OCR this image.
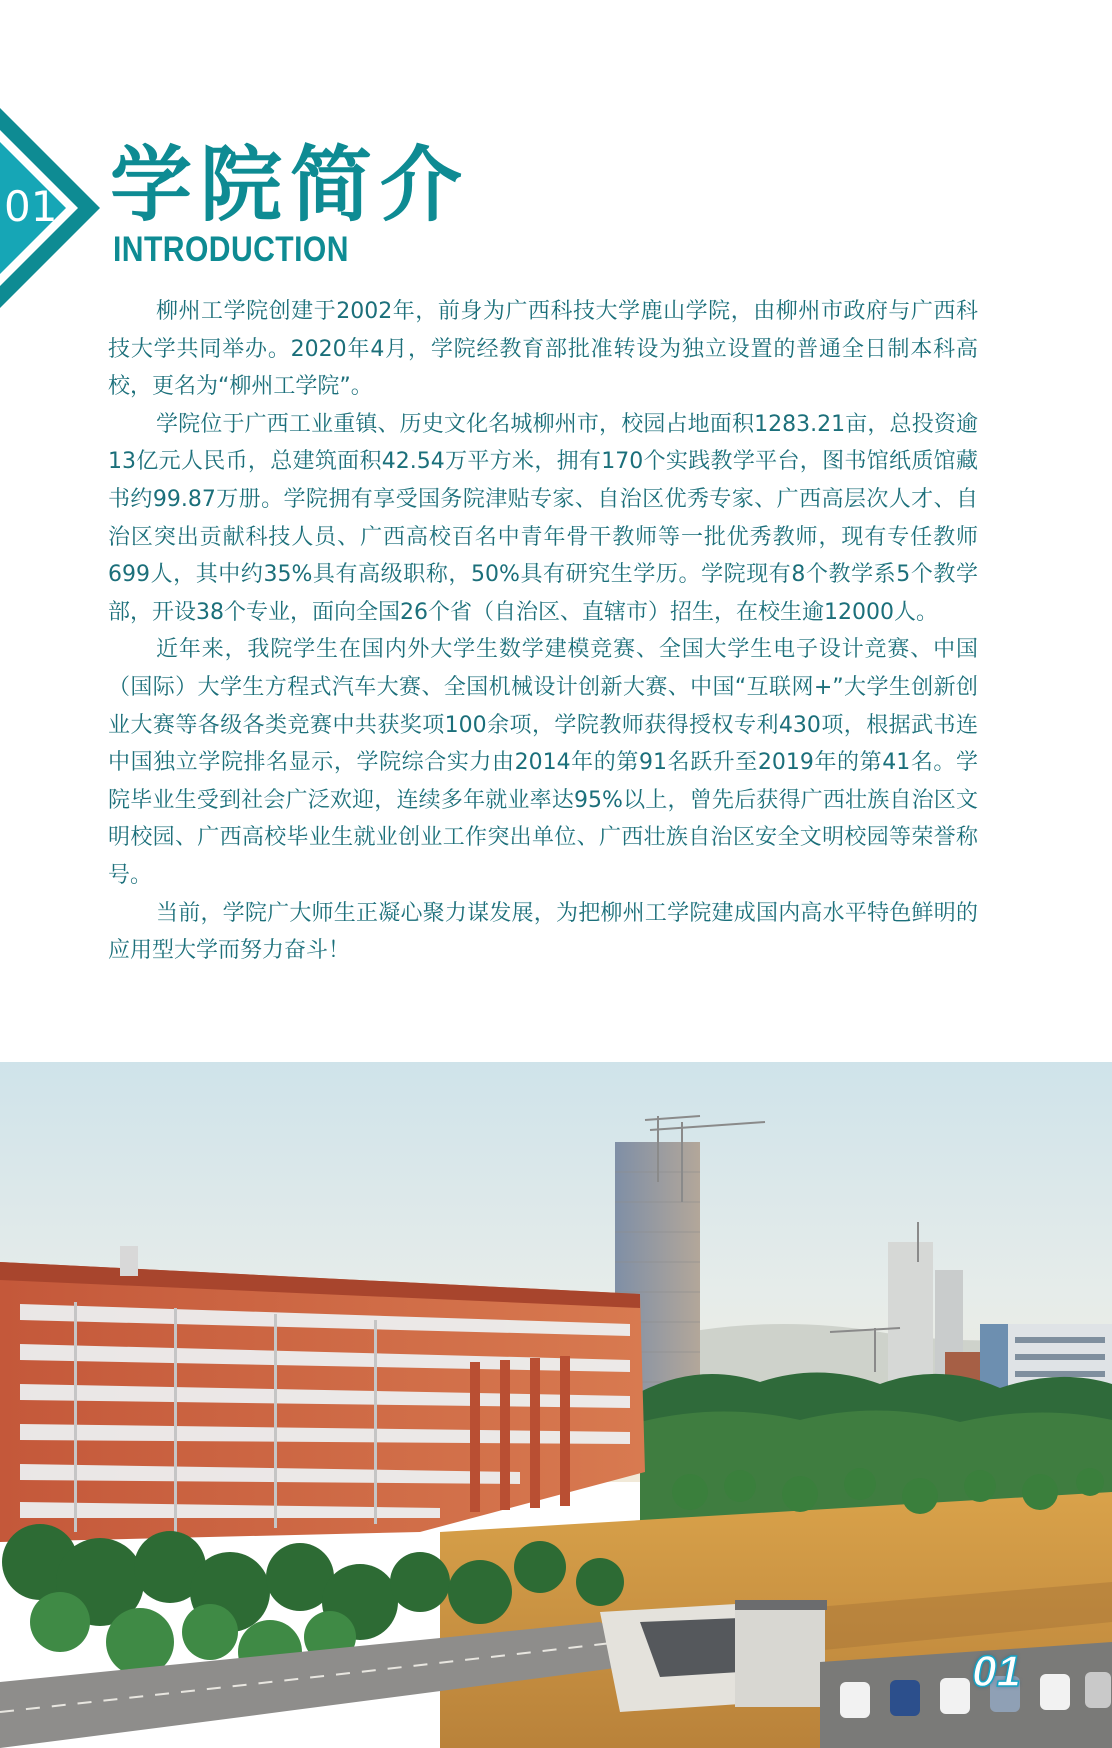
01 学院简介
INTRODUCTION

柳州工学院创建于2002年，前身为广西科技大学鹿山学院，由柳州市政府与广西科技大学共同举办。2020年4月，学院经教育部批准转设为独立设置的普通全日制本科高校，更名为“柳州工学院”。

学院位于广西工业重镇、历史文化名城柳州市，校园占地面积1283.21亩，总投资逾13亿元人民币，总建筑面积42.54万平方米，拥有170个实践教学平台，图书馆纸质馆藏书约99.87万册。学院拥有享受国务院津贴专家、自治区优秀专家、广西高层次人才、自治区突出贡献科技人员、广西高校百名中青年骨干教师等一批优秀教师，现有专任教师699人，其中约35%具有高级职称，50%具有研究生学历。学院现有8个教学系5个教学部，开设38个专业，面向全国26个省（自治区、直辖市）招生，在校生逾12000人。

近年来，我院学生在国内外大学生数学建模竞赛、全国大学生电子设计竞赛、中国（国际）大学生方程式汽车大赛、全国机械设计创新大赛、中国“互联网+”大学生创新创业大赛等各级各类竞赛中共获奖项100余项，学院教师获得授权专利430项，根据武书连中国独立学院排名显示，学院综合实力由2014年的第91名跃升至2019年的第41名。学院毕业生受到社会广泛欢迎，连续多年就业率达95%以上，曾先后获得广西壮族自治区文明校园、广西高校毕业生就业创业工作突出单位、广西壮族自治区安全文明校园等荣誉称号。

当前，学院广大师生正凝心聚力谋发展，为把柳州工学院建成国内高水平特色鲜明的应用型大学而努力奋斗！

01
